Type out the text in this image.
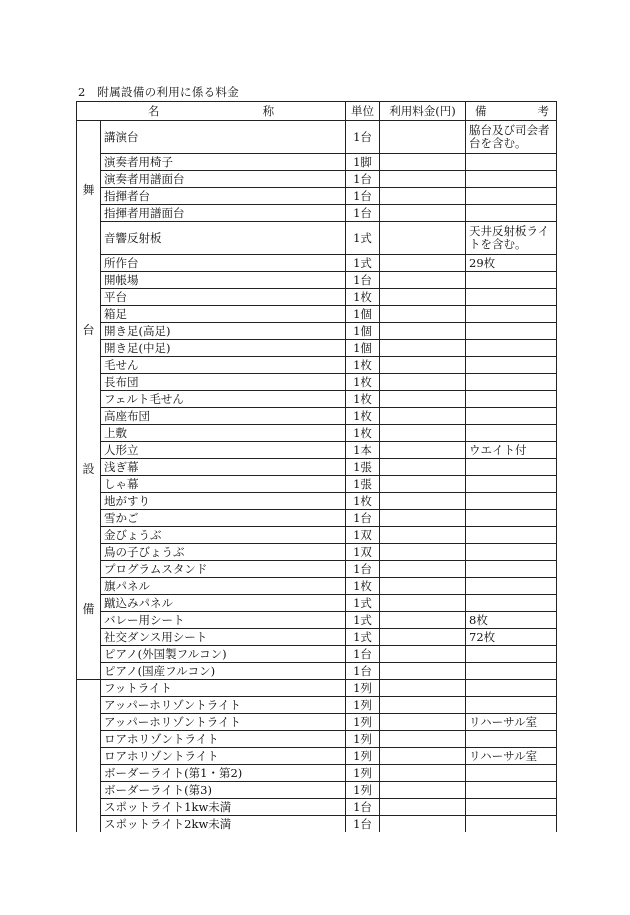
2　附属設備の利用に係る料金
名 称		単位	利用料金(円)	備 考

舞
台
設
備	講演台	1台		脇台及び司会者台を含む。
	演奏者用椅子	1脚		
	演奏者用譜面台	1台		
	指揮者台	1台		
	指揮者用譜面台	1台		
	音響反射板	1式		天井反射板ライトを含む。
	所作台	1式		29枚
	開帳場	1台		
	平台	1枚		
	箱足	1個		
	開き足(高足)	1個		
	開き足(中足)	1個		
	毛せん	1枚		
	長布団	1枚		
	フェルト毛せん	1枚		
	高座布団	1枚		
	上敷	1枚		
	人形立	1本		ウエイト付
	浅ぎ幕	1張		
	しゃ幕	1張		
	地がすり	1枚		
	雪かご	1台		
	金びょうぶ	1双		
	鳥の子びょうぶ	1双		
	プログラムスタンド	1台		
	旗パネル	1枚		
	蹴込みパネル	1式		
	バレー用シート	1式		8枚
	社交ダンス用シート	1式		72枚
	ピアノ(外国製フルコン)	1台		
	ピアノ(国産フルコン)	1台		
	フットライト	1列		
	アッパーホリゾントライト	1列		
	アッパーホリゾントライト	1列		リハーサル室
	ロアホリゾントライト	1列		
	ロアホリゾントライト	1列		リハーサル室
	ボーダーライト(第1・第2)	1列		
	ボーダーライト(第3)	1列		
	スポットライト1kw未満	1台		
	スポットライト2kw未満	1台		
